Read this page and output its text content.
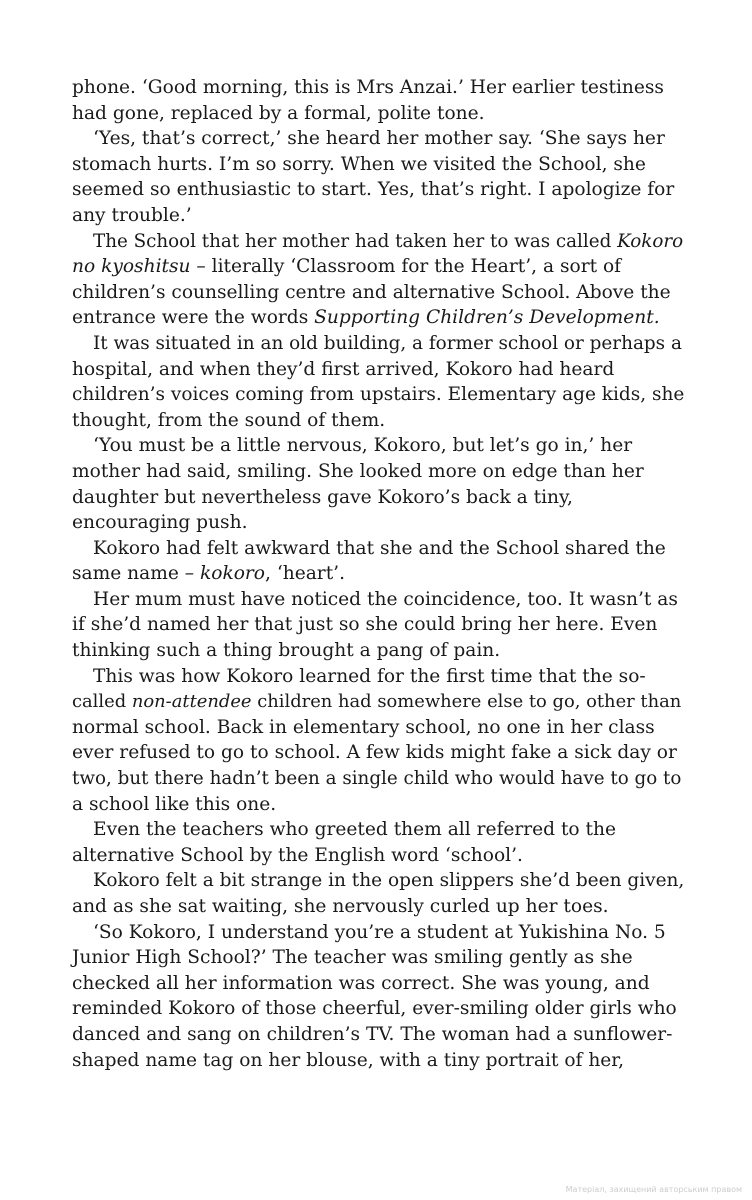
phone. ‘Good morning, this is Mrs Anzai.’ Her earlier testiness
had gone, replaced by a formal, polite tone.
‘Yes, that’s correct,’ she heard her mother say. ‘She says her
stomach hurts. I’m so sorry. When we visited the School, she
seemed so enthusiastic to start. Yes, that’s right. I apologize for
any trouble.’
The School that her mother had taken her to was called Kokoro
no kyoshitsu – literally ‘Classroom for the Heart’, a sort of
children’s counselling centre and alternative School. Above the
entrance were the words Supporting Children’s Development.
It was situated in an old building, a former school or perhaps a
hospital, and when they’d first arrived, Kokoro had heard
children’s voices coming from upstairs. Elementary age kids, she
thought, from the sound of them.
‘You must be a little nervous, Kokoro, but let’s go in,’ her
mother had said, smiling. She looked more on edge than her
daughter but nevertheless gave Kokoro’s back a tiny,
encouraging push.
Kokoro had felt awkward that she and the School shared the
same name – kokoro, ‘heart’.
Her mum must have noticed the coincidence, too. It wasn’t as
if she’d named her that just so she could bring her here. Even
thinking such a thing brought a pang of pain.
This was how Kokoro learned for the first time that the so-
called non-attendee children had somewhere else to go, other than
normal school. Back in elementary school, no one in her class
ever refused to go to school. A few kids might fake a sick day or
two, but there hadn’t been a single child who would have to go to
a school like this one.
Even the teachers who greeted them all referred to the
alternative School by the English word ‘school’.
Kokoro felt a bit strange in the open slippers she’d been given,
and as she sat waiting, she nervously curled up her toes.
‘So Kokoro, I understand you’re a student at Yukishina No. 5
Junior High School?’ The teacher was smiling gently as she
checked all her information was correct. She was young, and
reminded Kokoro of those cheerful, ever-smiling older girls who
danced and sang on children’s TV. The woman had a sunflower-
shaped name tag on her blouse, with a tiny portrait of her,
Матеріал, захищений авторським правом
